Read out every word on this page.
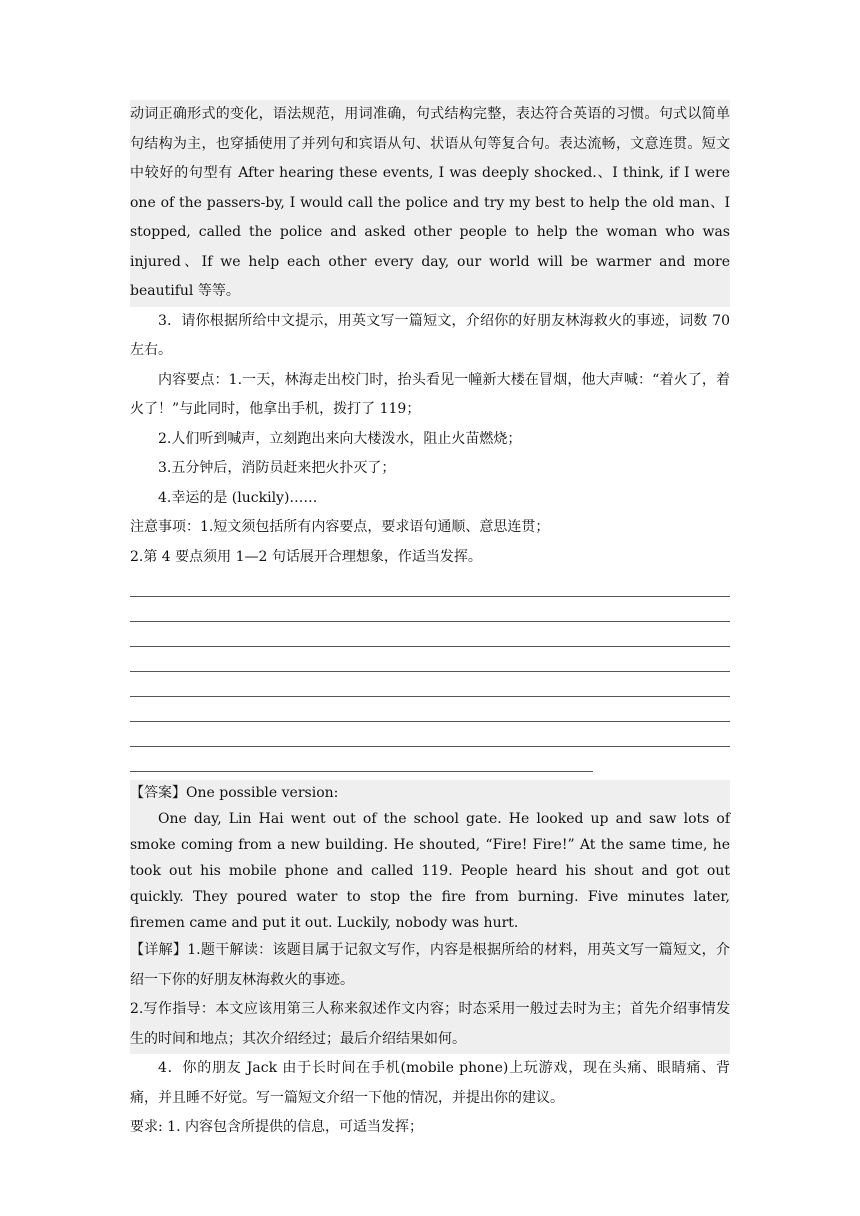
动词正确形式的变化，语法规范，用词准确，句式结构完整，表达符合英语的习惯。句式以简单句结构为主，也穿插使用了并列句和宾语从句、状语从句等复合句。表达流畅，文意连贯。短文中较好的句型有 After hearing these events, I was deeply shocked.、I think, if I were one of the passers-by, I would call the police and try my best to help the old man、I stopped, called the police and asked other people to help the woman who was injured、If we help each other every day, our world will be warmer and more beautiful 等等。

3．请你根据所给中文提示，用英文写一篇短文，介绍你的好朋友林海救火的事迹，词数 70 左右。

内容要点：1.一天，林海走出校门时，抬头看见一幢新大楼在冒烟，他大声喊：“着火了，着火了！”与此同时，他拿出手机，拨打了 119；

2.人们听到喊声，立刻跑出来向大楼泼水，阻止火苗燃烧；

3.五分钟后，消防员赶来把火扑灭了；

4.幸运的是 (luckily)……

注意事项：1.短文须包括所有内容要点，要求语句通顺、意思连贯；

2.第 4 要点须用 1—2 句话展开合理想象，作适当发挥。

【答案】One possible version:

One day, Lin Hai went out of the school gate. He looked up and saw lots of smoke coming from a new building. He shouted, “Fire! Fire!” At the same time, he took out his mobile phone and called 119. People heard his shout and got out quickly. They poured water to stop the fire from burning. Five minutes later, firemen came and put it out. Luckily, nobody was hurt.

【详解】1.题干解读：该题目属于记叙文写作，内容是根据所给的材料，用英文写一篇短文，介绍一下你的好朋友林海救火的事迹。

2.写作指导：本文应该用第三人称来叙述作文内容；时态采用一般过去时为主；首先介绍事情发生的时间和地点；其次介绍经过；最后介绍结果如何。

4．你的朋友 Jack 由于长时间在手机(mobile phone)上玩游戏，现在头痛、眼睛痛、背痛，并且睡不好觉。写一篇短文介绍一下他的情况，并提出你的建议。

要求: 1. 内容包含所提供的信息，可适当发挥；
